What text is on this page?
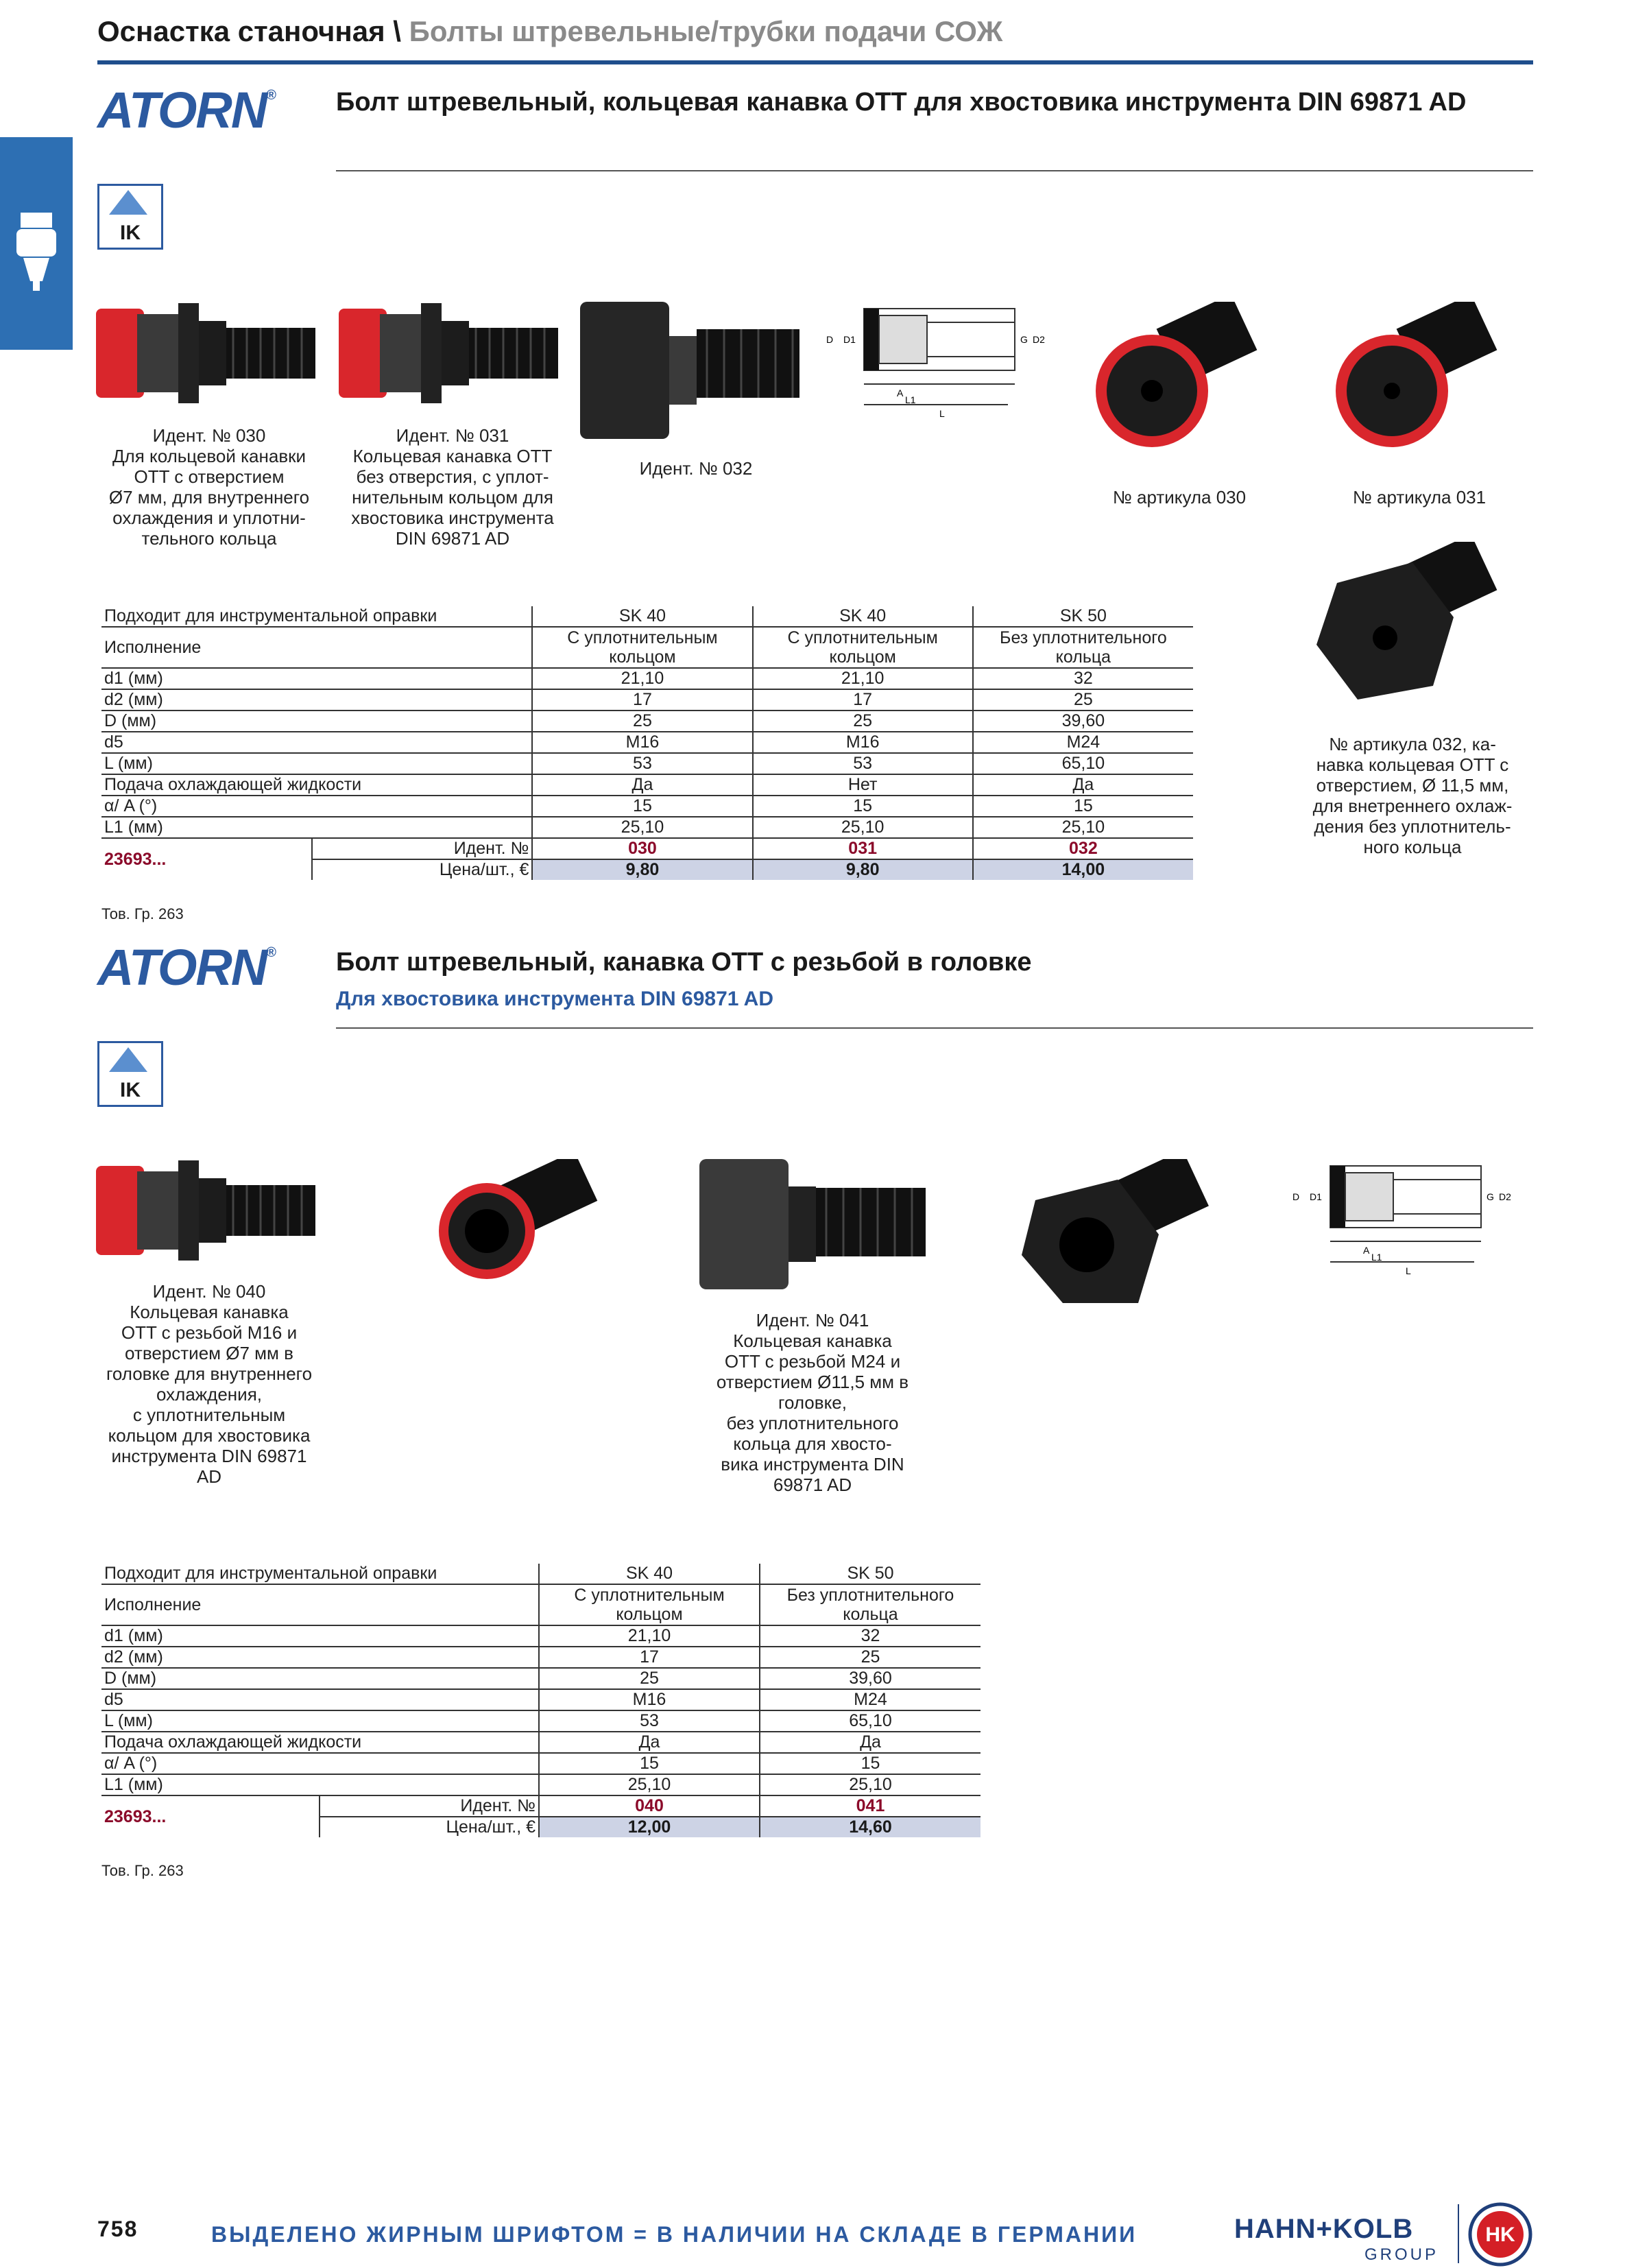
Оснастка станочная \ Болты штревельные/трубки подачи СОЖ
ATORN® Болт штревельный, кольцевая канавка OTT для хвостовика инструмента DIN 69871 AD
IK
D D1	G D2
A
L1
L
Идент. № 030
Для кольцевой канавки
OTT с отверстием
Ø7 мм, для внутреннего
охлаждения и уплотни-
тельного кольца
Идент. № 031
Кольцевая канавка OTT
без отверстия, с уплот-
нительным кольцом для
хвостовика инструмента
DIN 69871 AD
Идент. № 032
№ артикула 030	№ артикула 031
№ артикула 032, ка-
навка кольцевая OTT с
отверстием, Ø 11,5 мм,
для внетреннего охлаж-
дения без уплотнитель-
ного кольца
Подходит для инструментальной оправки		SK 40	SK 40	SK 50
Исполнение		С уплотнительным кольцом	С уплотнительным кольцом	Без уплотнительного кольца
d1 (мм)		21,10	21,10	32
d2 (мм)		17	17	25
D (мм)		25	25	39,60
d5		M16	M16	M24
L (мм)		53	53	65,10
Подача охлаждающей жидкости		Да	Нет	Да
α/ A (°)		15	15	15
L1 (мм)		25,10	25,10	25,10
23693...	Идент. №	030	031	032
	Цена/шт., €	9,80	9,80	14,00
Тов. Гр. 263
ATORN® Болт штревельный, канавка OTT с резьбой в головке
Для хвостовика инструмента DIN 69871 AD
IK
D D1	G D2
A
L1
L
Идент. № 040
Кольцевая канавка
OTT с резьбой M16 и
отверстием Ø7 мм в
головке для внутреннего
охлаждения,
с уплотнительным
кольцом для хвостовика
инструмента DIN 69871
AD
Идент. № 041
Кольцевая канавка
OTT с резьбой M24 и
отверстием Ø11,5 мм в
головке,
без уплотнительного
кольца для хвосто-
вика инструмента DIN
69871 AD
Подходит для инструментальной оправки		SK 40	SK 50
Исполнение		С уплотнительным кольцом	Без уплотнительного кольца
d1 (мм)		21,10	32
d2 (мм)		17	25
D (мм)		25	39,60
d5		M16	M24
L (мм)		53	65,10
Подача охлаждающей жидкости		Да	Да
α/ A (°)		15	15
L1 (мм)		25,10	25,10
23693...	Идент. №	040	041
	Цена/шт., €	12,00	14,60
Тов. Гр. 263
758	ВЫДЕЛЕНО ЖИРНЫМ ШРИФТОМ = В НАЛИЧИИ НА СКЛАДЕ В ГЕРМАНИИ	HAHN+KOLB
GROUP
HK
